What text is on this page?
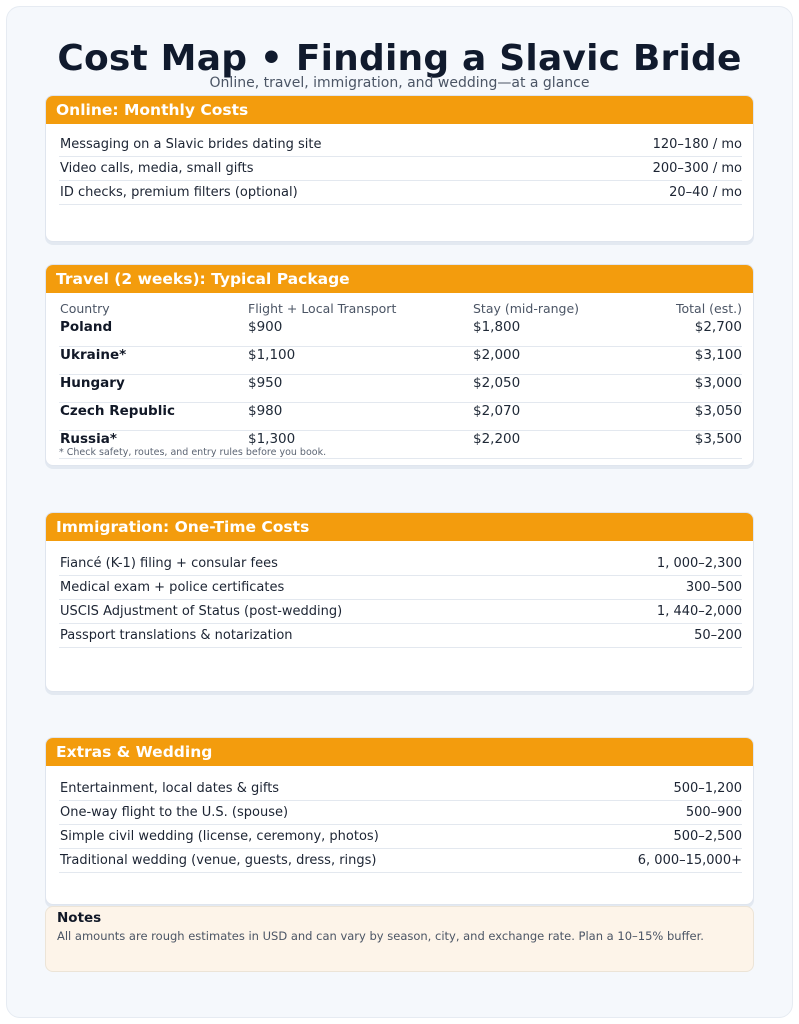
Cost Map • Finding a Slavic Bride
Online, travel, immigration, and wedding—at a glance
Online: Monthly Costs
Messaging on a Slavic brides dating site	120–180 / mo
Video calls, media, small gifts	200–300 / mo
ID checks, premium filters (optional)	20–40 / mo
Travel (2 weeks): Typical Package
Country	Flight + Local Transport	Stay (mid-range)	Total (est.)
Poland	$900	$1,800	$2,700
Ukraine*	$1,100	$2,000	$3,100
Hungary	$950	$2,050	$3,000
Czech Republic	$980	$2,070	$3,050
Russia*	$1,300	$2,200	$3,500
* Check safety, routes, and entry rules before you book.
Immigration: One-Time Costs
Fiancé (K-1) filing + consular fees	1, 000–2,300
Medical exam + police certificates	300–500
USCIS Adjustment of Status (post-wedding)	1, 440–2,000
Passport translations & notarization	50–200
Extras & Wedding
Entertainment, local dates & gifts	500–1,200
One-way flight to the U.S. (spouse)	500–900
Simple civil wedding (license, ceremony, photos)	500–2,500
Traditional wedding (venue, guests, dress, rings)	6, 000–15,000+
Notes
All amounts are rough estimates in USD and can vary by season, city, and exchange rate. Plan a 10–15% buffer.
